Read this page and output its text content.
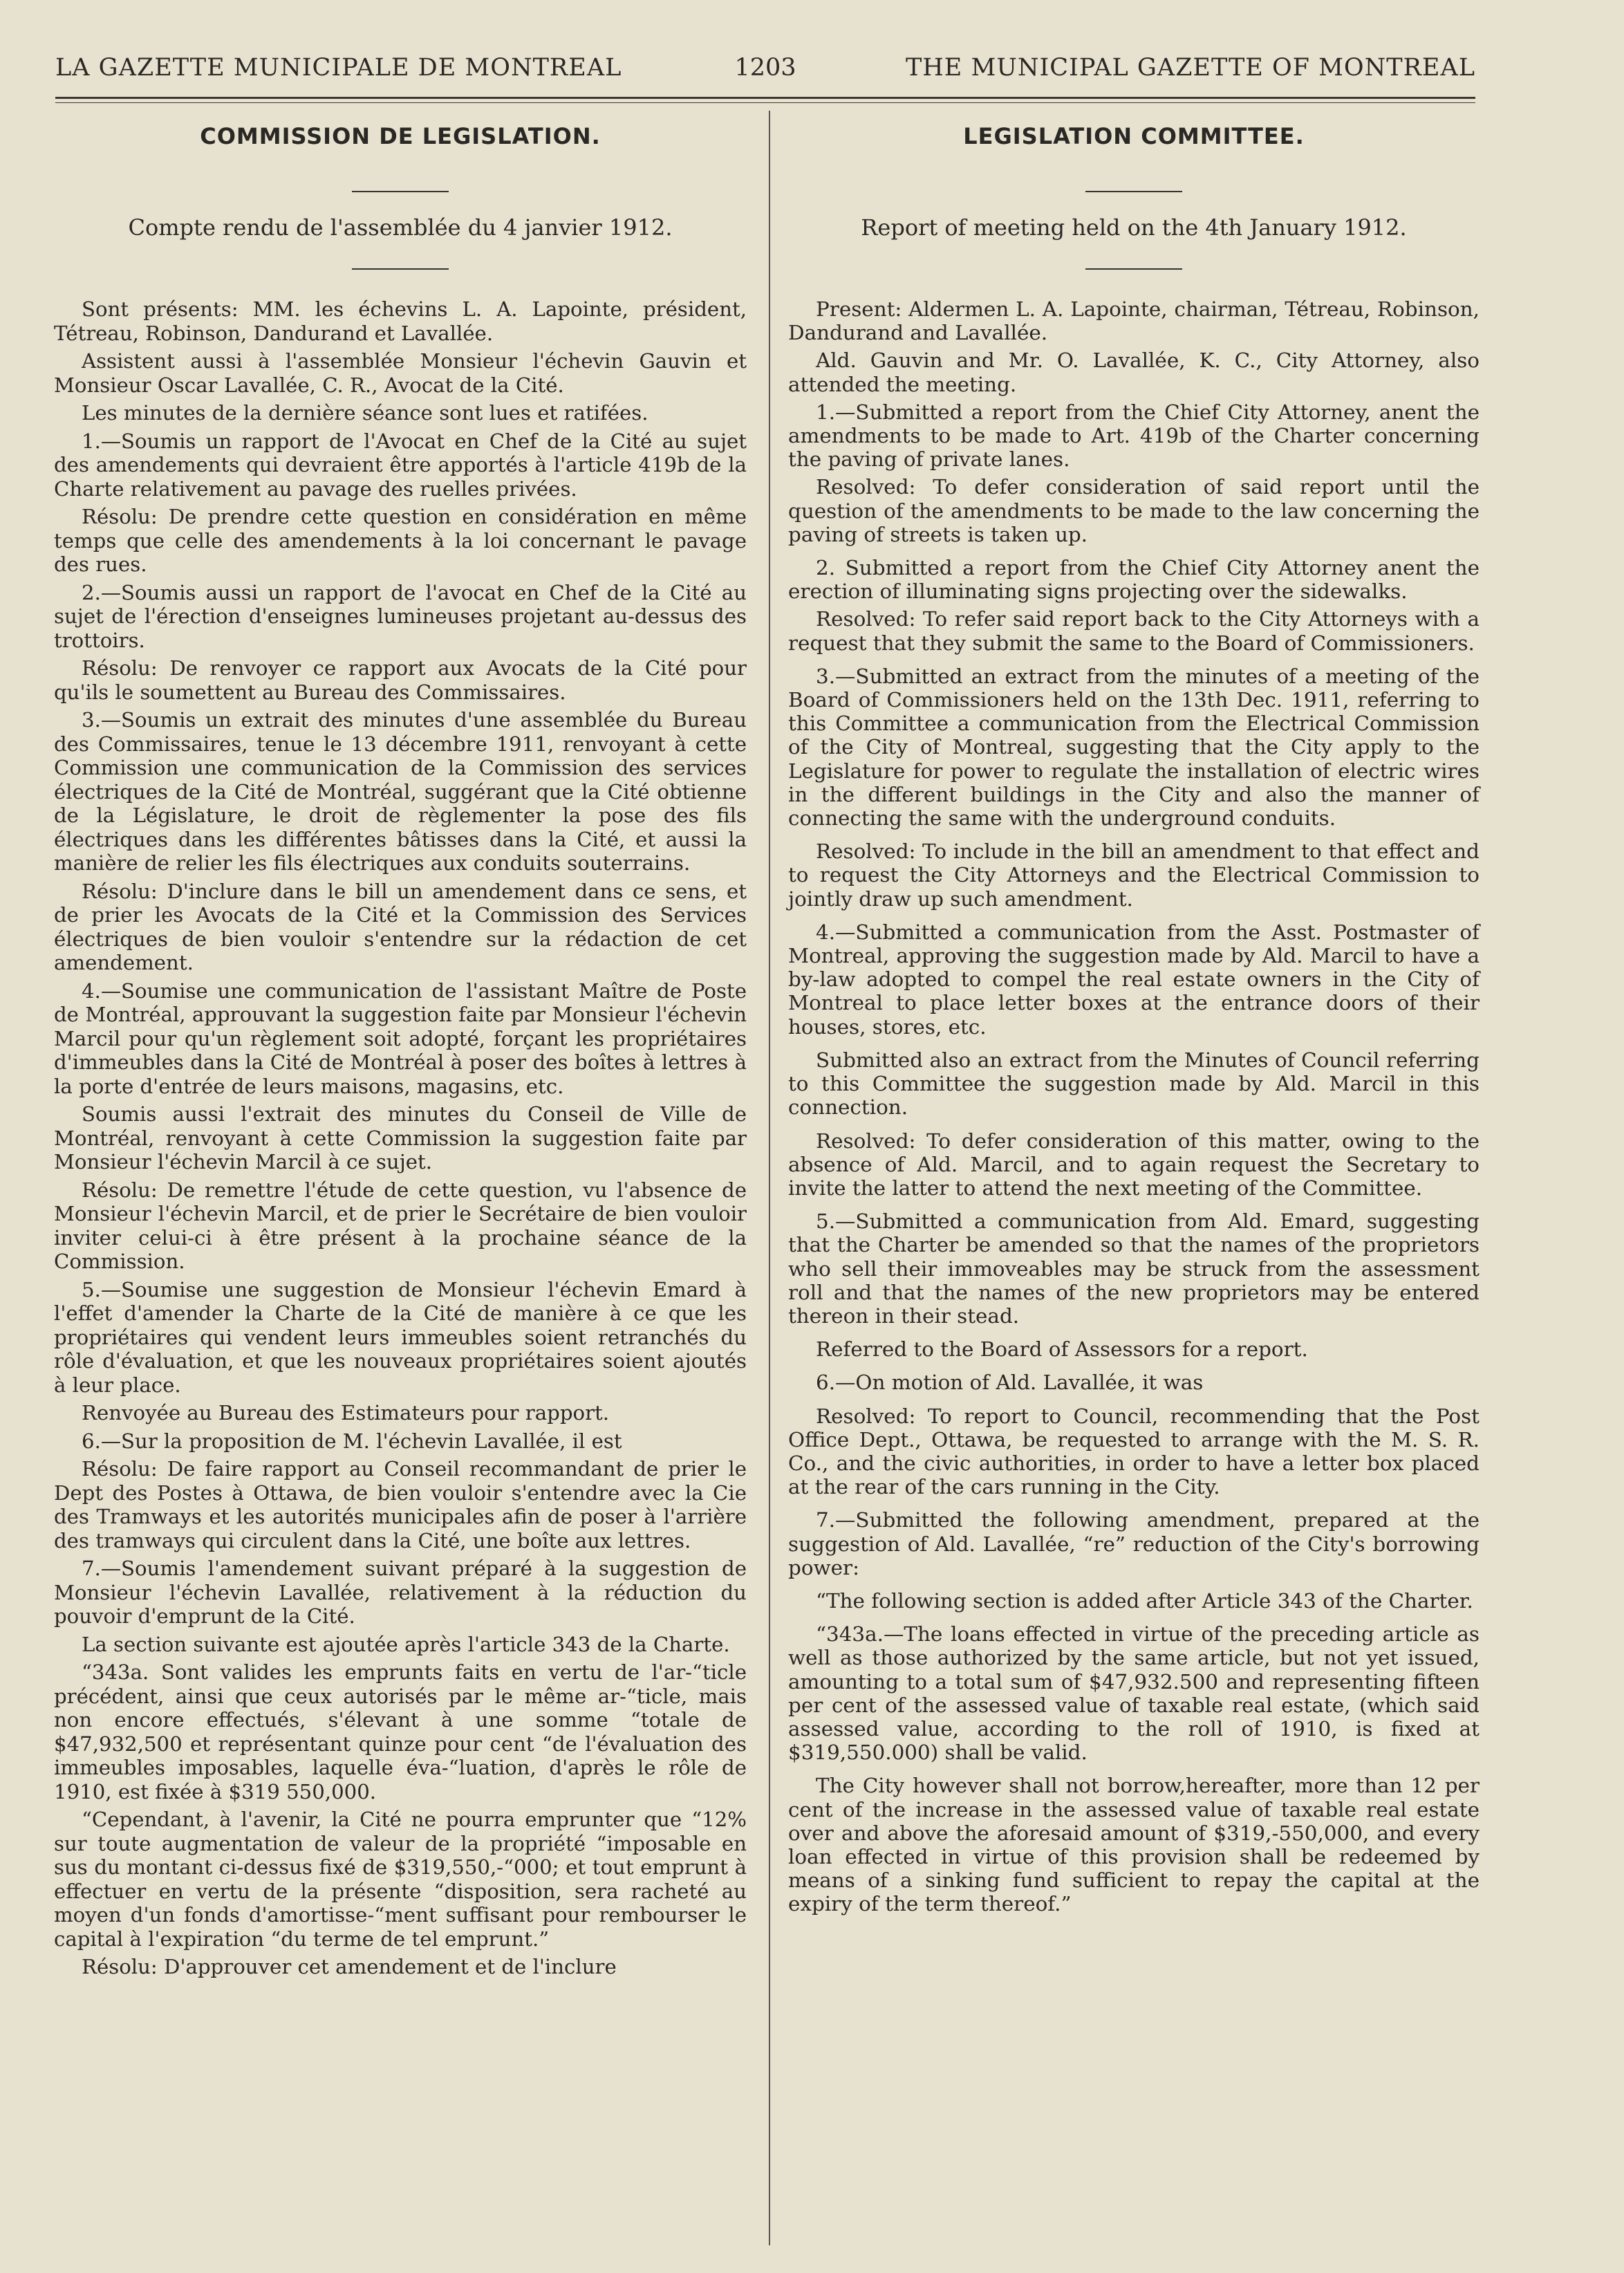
LA GAZETTE MUNICIPALE DE MONTREAL	1203	THE MUNICIPAL GAZETTE OF MONTREAL
COMMISSION DE LEGISLATION.
Compte rendu de l'assemblée du 4 janvier 1912.

Sont présents: MM. les échevins L. A. Lapointe, président, Tétreau, Robinson, Dandurand et Lavallée.

Assistent aussi à l'assemblée Monsieur l'échevin Gauvin et Monsieur Oscar Lavallée, C. R., Avocat de la Cité.

Les minutes de la dernière séance sont lues et ratifées.

1.—Soumis un rapport de l'Avocat en Chef de la Cité au sujet des amendements qui devraient être apportés à l'article 419b de la Charte relativement au pavage des ruelles privées.

Résolu: De prendre cette question en considération en même temps que celle des amendements à la loi concernant le pavage des rues.

2.—Soumis aussi un rapport de l'avocat en Chef de la Cité au sujet de l'érection d'enseignes lumineuses projetant au-dessus des trottoirs.

Résolu: De renvoyer ce rapport aux Avocats de la Cité pour qu'ils le soumettent au Bureau des Commissaires.

3.—Soumis un extrait des minutes d'une assemblée du Bureau des Commissaires, tenue le 13 décembre 1911, renvoyant à cette Commission une communication de la Commission des services électriques de la Cité de Montréal, suggérant que la Cité obtienne de la Législature, le droit de règlementer la pose des fils électriques dans les différentes bâtisses dans la Cité, et aussi la manière de relier les fils électriques aux conduits souterrains.

Résolu: D'inclure dans le bill un amendement dans ce sens, et de prier les Avocats de la Cité et la Commission des Services électriques de bien vouloir s'entendre sur la rédaction de cet amendement.

4.—Soumise une communication de l'assistant Maître de Poste de Montréal, approuvant la suggestion faite par Monsieur l'échevin Marcil pour qu'un règlement soit adopté, forçant les propriétaires d'immeubles dans la Cité de Montréal à poser des boîtes à lettres à la porte d'entrée de leurs maisons, magasins, etc.

Soumis aussi l'extrait des minutes du Conseil de Ville de Montréal, renvoyant à cette Commission la suggestion faite par Monsieur l'échevin Marcil à ce sujet.

Résolu: De remettre l'étude de cette question, vu l'absence de Monsieur l'échevin Marcil, et de prier le Secrétaire de bien vouloir inviter celui-ci à être présent à la prochaine séance de la Commission.

5.—Soumise une suggestion de Monsieur l'échevin Emard à l'effet d'amender la Charte de la Cité de manière à ce que les propriétaires qui vendent leurs immeubles soient retranchés du rôle d'évaluation, et que les nouveaux propriétaires soient ajoutés à leur place.

Renvoyée au Bureau des Estimateurs pour rapport.

6.—Sur la proposition de M. l'échevin Lavallée, il est

Résolu: De faire rapport au Conseil recommandant de prier le Dept des Postes à Ottawa, de bien vouloir s'entendre avec la Cie des Tramways et les autorités municipales afin de poser à l'arrière des tramways qui circulent dans la Cité, une boîte aux lettres.

7.—Soumis l'amendement suivant préparé à la suggestion de Monsieur l'échevin Lavallée, relativement à la réduction du pouvoir d'emprunt de la Cité.

La section suivante est ajoutée après l'article 343 de la Charte.

“343a. Sont valides les emprunts faits en vertu de l'ar-“ticle précédent, ainsi que ceux autorisés par le même ar-“ticle, mais non encore effectués, s'élevant à une somme “totale de $47,932,500 et représentant quinze pour cent “de l'évaluation des immeubles imposables, laquelle éva-“luation, d'après le rôle de 1910, est fixée à $319 550,000.

“Cependant, à l'avenir, la Cité ne pourra emprunter que “12% sur toute augmentation de valeur de la propriété “imposable en sus du montant ci-dessus fixé de $319,550,-“000; et tout emprunt à effectuer en vertu de la présente “disposition, sera racheté au moyen d'un fonds d'amortisse-“ment suffisant pour rembourser le capital à l'expiration “du terme de tel emprunt.”

Résolu: D'approuver cet amendement et de l'inclure

LEGISLATION COMMITTEE.
Report of meeting held on the 4th January 1912.

Present: Aldermen L. A. Lapointe, chairman, Tétreau, Robinson, Dandurand and Lavallée.

Ald. Gauvin and Mr. O. Lavallée, K. C., City Attorney, also attended the meeting.

1.—Submitted a report from the Chief City Attorney, anent the amendments to be made to Art. 419b of the Charter concerning the paving of private lanes.

Resolved: To defer consideration of said report until the question of the amendments to be made to the law concerning the paving of streets is taken up.

2. Submitted a report from the Chief City Attorney anent the erection of illuminating signs projecting over the sidewalks.

Resolved: To refer said report back to the City Attorneys with a request that they submit the same to the Board of Commissioners.

3.—Submitted an extract from the minutes of a meeting of the Board of Commissioners held on the 13th Dec. 1911, referring to this Committee a communication from the Electrical Commission of the City of Montreal, suggesting that the City apply to the Legislature for power to regulate the installation of electric wires in the different buildings in the City and also the manner of connecting the same with the underground conduits.

Resolved: To include in the bill an amendment to that effect and to request the City Attorneys and the Electrical Commission to jointly draw up such amendment.

4.—Submitted a communication from the Asst. Postmaster of Montreal, approving the suggestion made by Ald. Marcil to have a by-law adopted to compel the real estate owners in the City of Montreal to place letter boxes at the entrance doors of their houses, stores, etc.

Submitted also an extract from the Minutes of Council referring to this Committee the suggestion made by Ald. Marcil in this connection.

Resolved: To defer consideration of this matter, owing to the absence of Ald. Marcil, and to again request the Secretary to invite the latter to attend the next meeting of the Committee.

5.—Submitted a communication from Ald. Emard, suggesting that the Charter be amended so that the names of the proprietors who sell their immoveables may be struck from the assessment roll and that the names of the new proprietors may be entered thereon in their stead.

Referred to the Board of Assessors for a report.

6.—On motion of Ald. Lavallée, it was

Resolved: To report to Council, recommending that the Post Office Dept., Ottawa, be requested to arrange with the M. S. R. Co., and the civic authorities, in order to have a letter box placed at the rear of the cars running in the City.

7.—Submitted the following amendment, prepared at the suggestion of Ald. Lavallée, “re” reduction of the City's borrowing power:

“The following section is added after Article 343 of the Charter.

“343a.—The loans effected in virtue of the preceding article as well as those authorized by the same article, but not yet issued, amounting to a total sum of $47,932.500 and representing fifteen per cent of the assessed value of taxable real estate, (which said assessed value, according to the roll of 1910, is fixed at $319,550.000) shall be valid.

The City however shall not borrow,hereafter, more than 12 per cent of the increase in the assessed value of taxable real estate over and above the aforesaid amount of $319,-550,000, and every loan effected in virtue of this provision shall be redeemed by means of a sinking fund sufficient to repay the capital at the expiry of the term thereof.”
